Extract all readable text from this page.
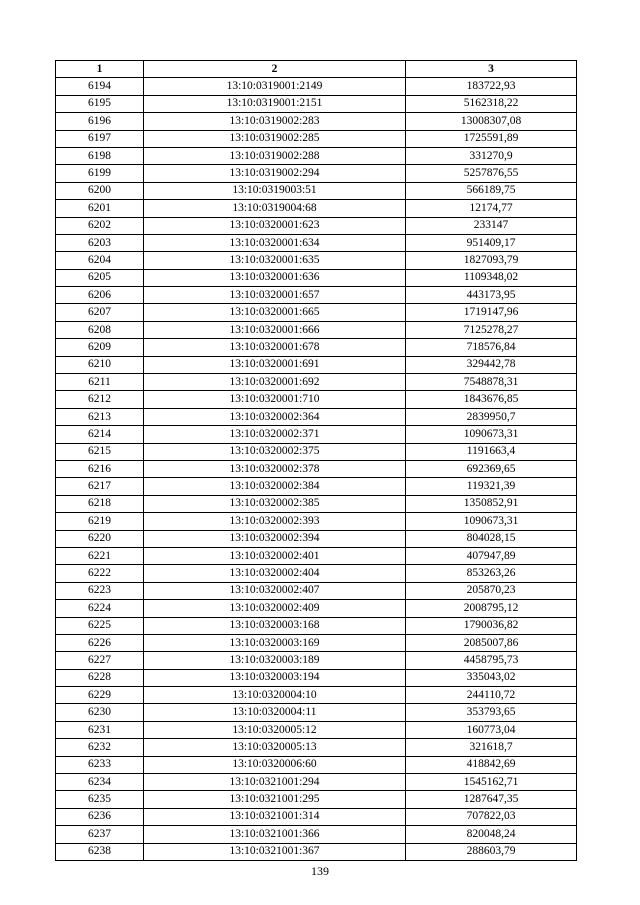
1	2	3
6194	13:10:0319001:2149	183722,93
6195	13:10:0319001:2151	5162318,22
6196	13:10:0319002:283	13008307,08
6197	13:10:0319002:285	1725591,89
6198	13:10:0319002:288	331270,9
6199	13:10:0319002:294	5257876,55
6200	13:10:0319003:51	566189,75
6201	13:10:0319004:68	12174,77
6202	13:10:0320001:623	233147
6203	13:10:0320001:634	951409,17
6204	13:10:0320001:635	1827093,79
6205	13:10:0320001:636	1109348,02
6206	13:10:0320001:657	443173,95
6207	13:10:0320001:665	1719147,96
6208	13:10:0320001:666	7125278,27
6209	13:10:0320001:678	718576,84
6210	13:10:0320001:691	329442,78
6211	13:10:0320001:692	7548878,31
6212	13:10:0320001:710	1843676,85
6213	13:10:0320002:364	2839950,7
6214	13:10:0320002:371	1090673,31
6215	13:10:0320002:375	1191663,4
6216	13:10:0320002:378	692369,65
6217	13:10:0320002:384	119321,39
6218	13:10:0320002:385	1350852,91
6219	13:10:0320002:393	1090673,31
6220	13:10:0320002:394	804028,15
6221	13:10:0320002:401	407947,89
6222	13:10:0320002:404	853263,26
6223	13:10:0320002:407	205870,23
6224	13:10:0320002:409	2008795,12
6225	13:10:0320003:168	1790036,82
6226	13:10:0320003:169	2085007,86
6227	13:10:0320003:189	4458795,73
6228	13:10:0320003:194	335043,02
6229	13:10:0320004:10	244110,72
6230	13:10:0320004:11	353793,65
6231	13:10:0320005:12	160773,04
6232	13:10:0320005:13	321618,7
6233	13:10:0320006:60	418842,69
6234	13:10:0321001:294	1545162,71
6235	13:10:0321001:295	1287647,35
6236	13:10:0321001:314	707822,03
6237	13:10:0321001:366	820048,24
6238	13:10:0321001:367	288603,79
139
